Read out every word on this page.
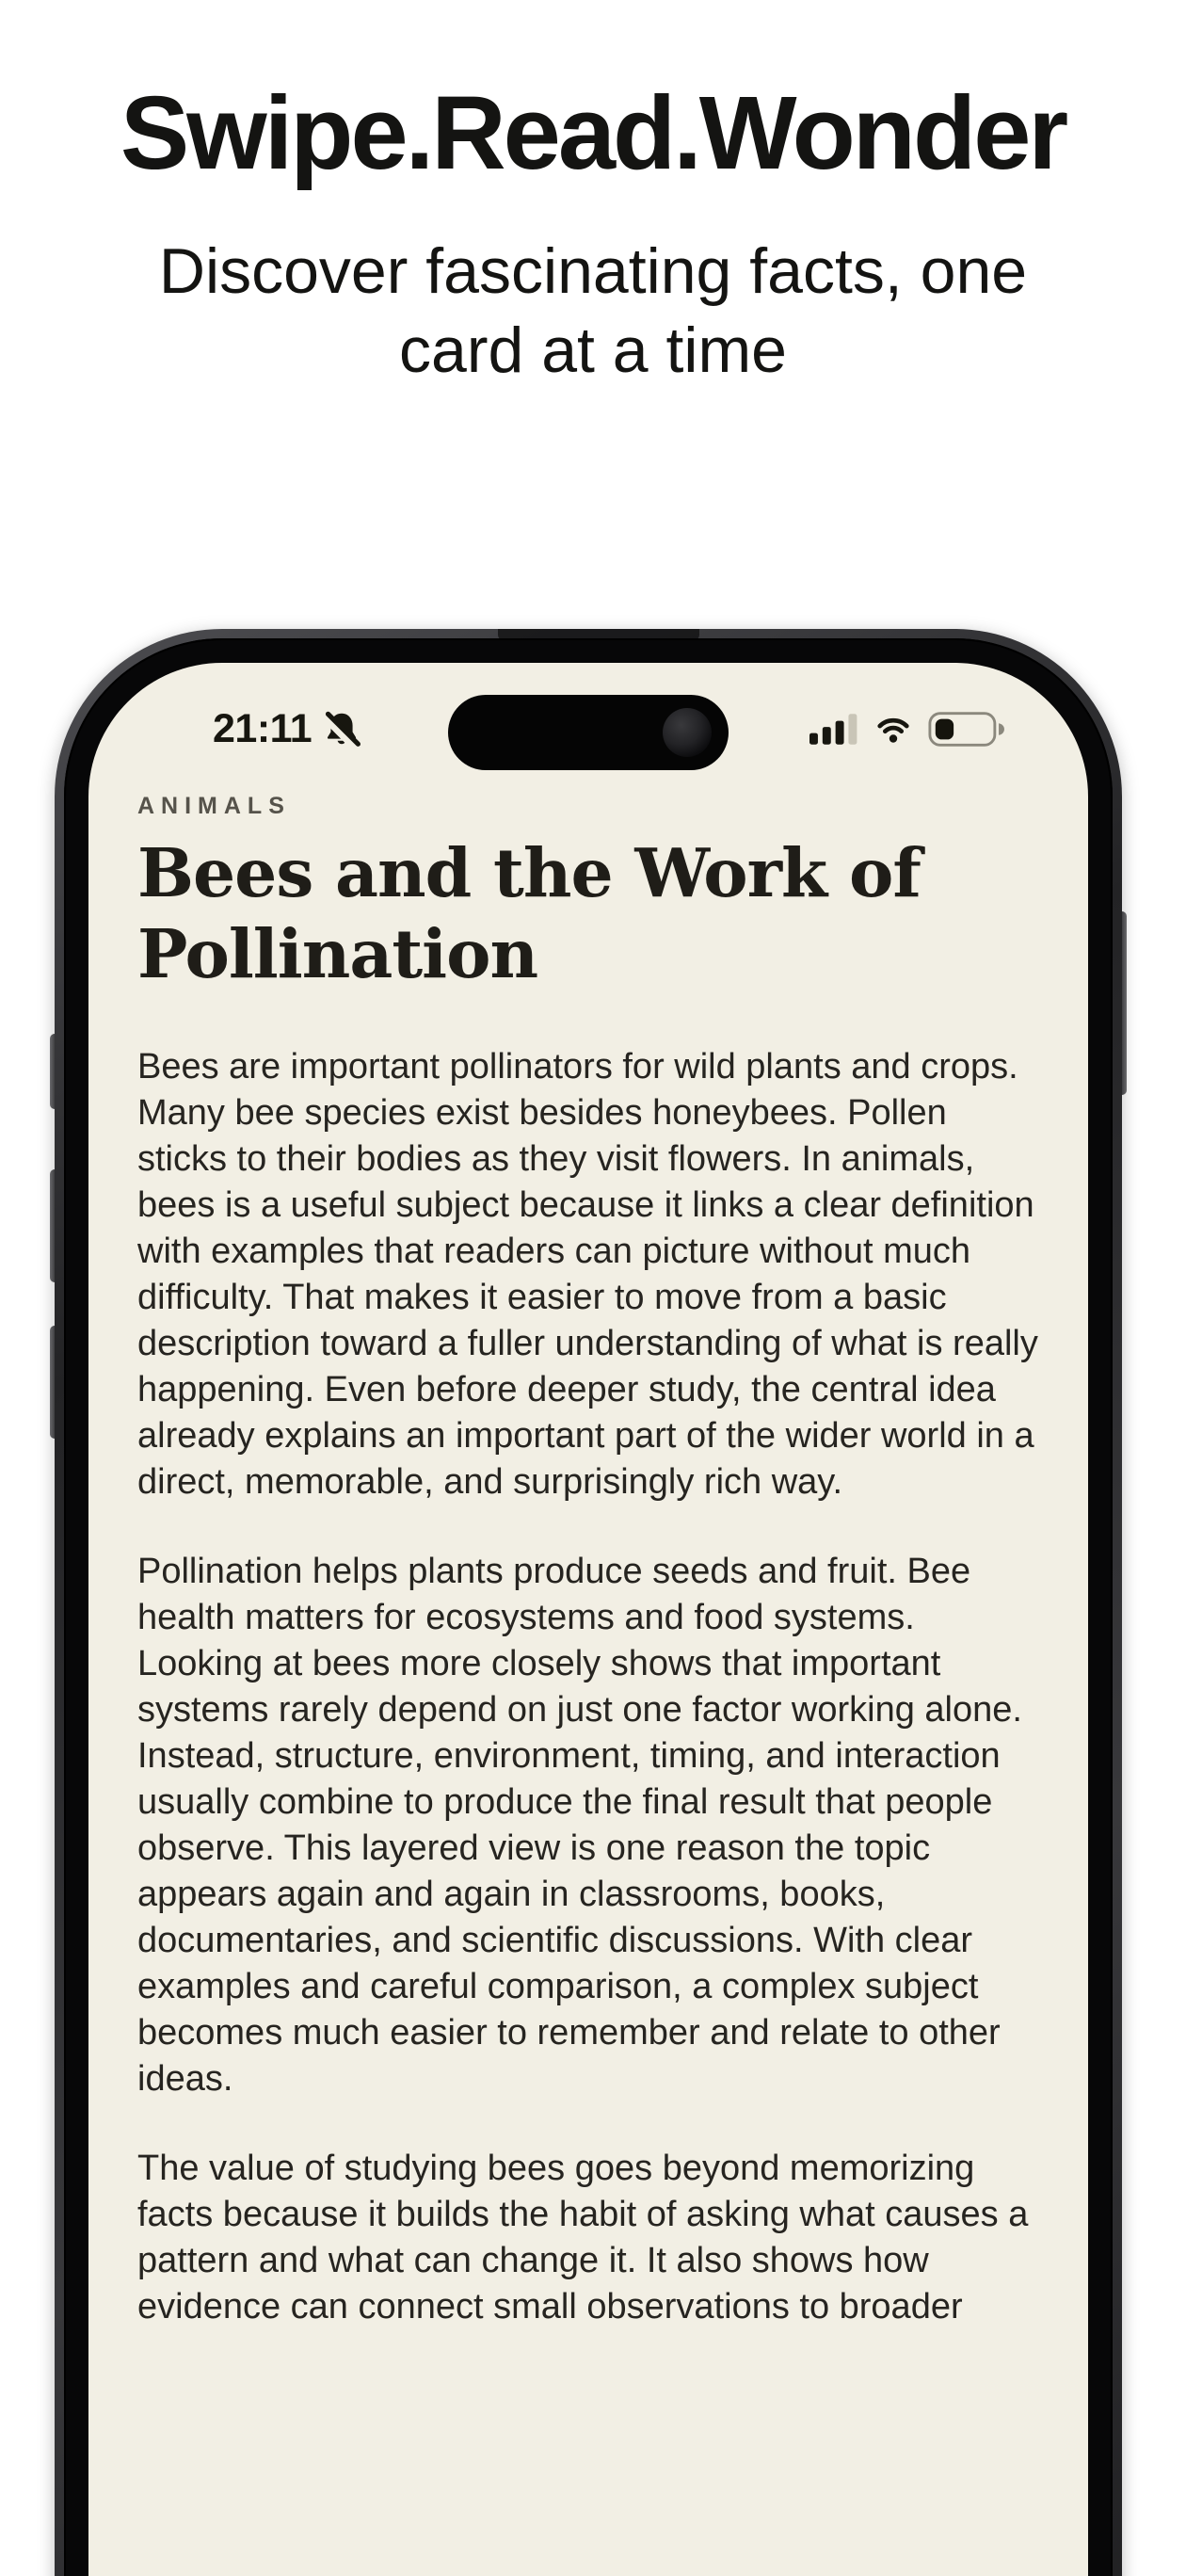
Swipe.Read.Wonder

Discover fascinating facts, one card at a time

21:11
ANIMALS
Bees and the Work of Pollination

Bees are important pollinators for wild plants and crops. Many bee species exist besides honeybees. Pollen sticks to their bodies as they visit flowers. In animals, bees is a useful subject because it links a clear definition with examples that readers can picture without much difficulty. That makes it easier to move from a basic description toward a fuller understanding of what is really happening. Even before deeper study, the central idea already explains an important part of the wider world in a direct, memorable, and surprisingly rich way.

Pollination helps plants produce seeds and fruit. Bee health matters for ecosystems and food systems. Looking at bees more closely shows that important systems rarely depend on just one factor working alone. Instead, structure, environment, timing, and interaction usually combine to produce the final result that people observe. This layered view is one reason the topic appears again and again in classrooms, books, documentaries, and scientific discussions. With clear examples and careful comparison, a complex subject becomes much easier to remember and relate to other ideas.

The value of studying bees goes beyond memorizing facts because it builds the habit of asking what causes a pattern and what can change it. It also shows how evidence can connect small observations to broader
